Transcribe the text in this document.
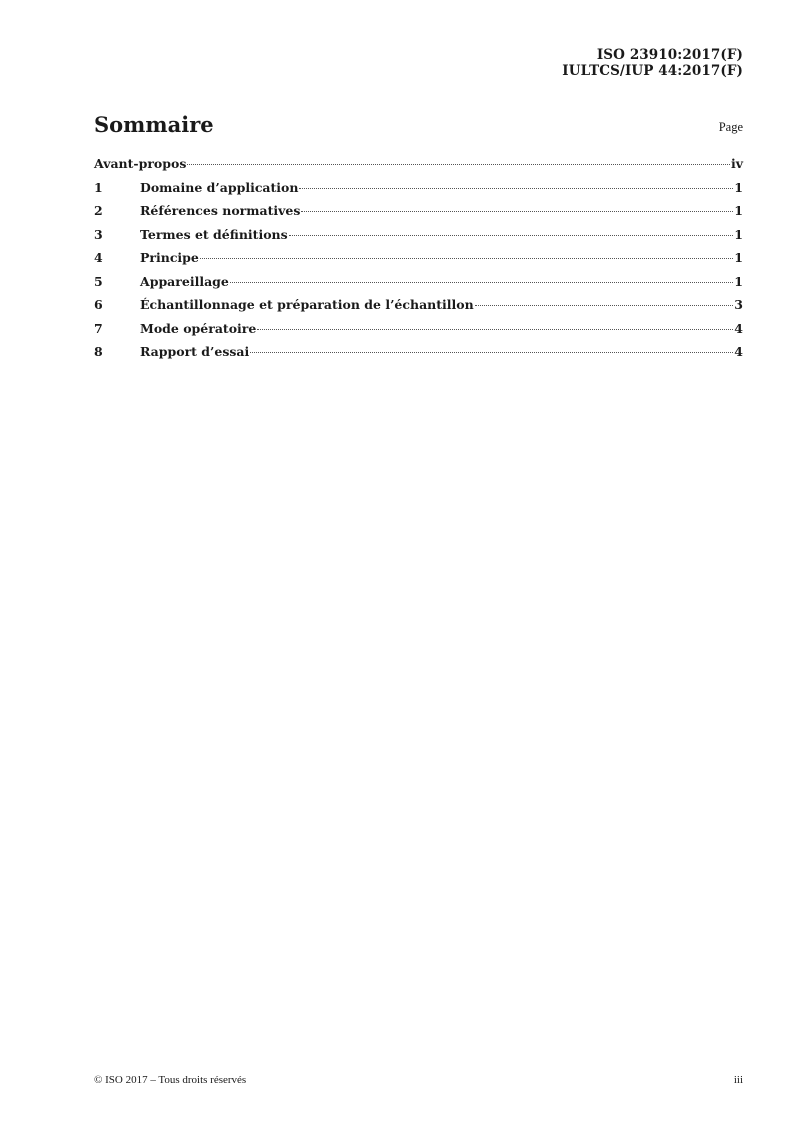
ISO 23910:2017(F)
IULTCS/IUP 44:2017(F)
Sommaire	Page
Avant-propos	iv
1	Domaine d’application	1
2	Références normatives	1
3	Termes et définitions	1
4	Principe	1
5	Appareillage	1
6	Échantillonnage et préparation de l’échantillon	3
7	Mode opératoire	4
8	Rapport d’essai	4
© ISO 2017 – Tous droits réservés	iii
